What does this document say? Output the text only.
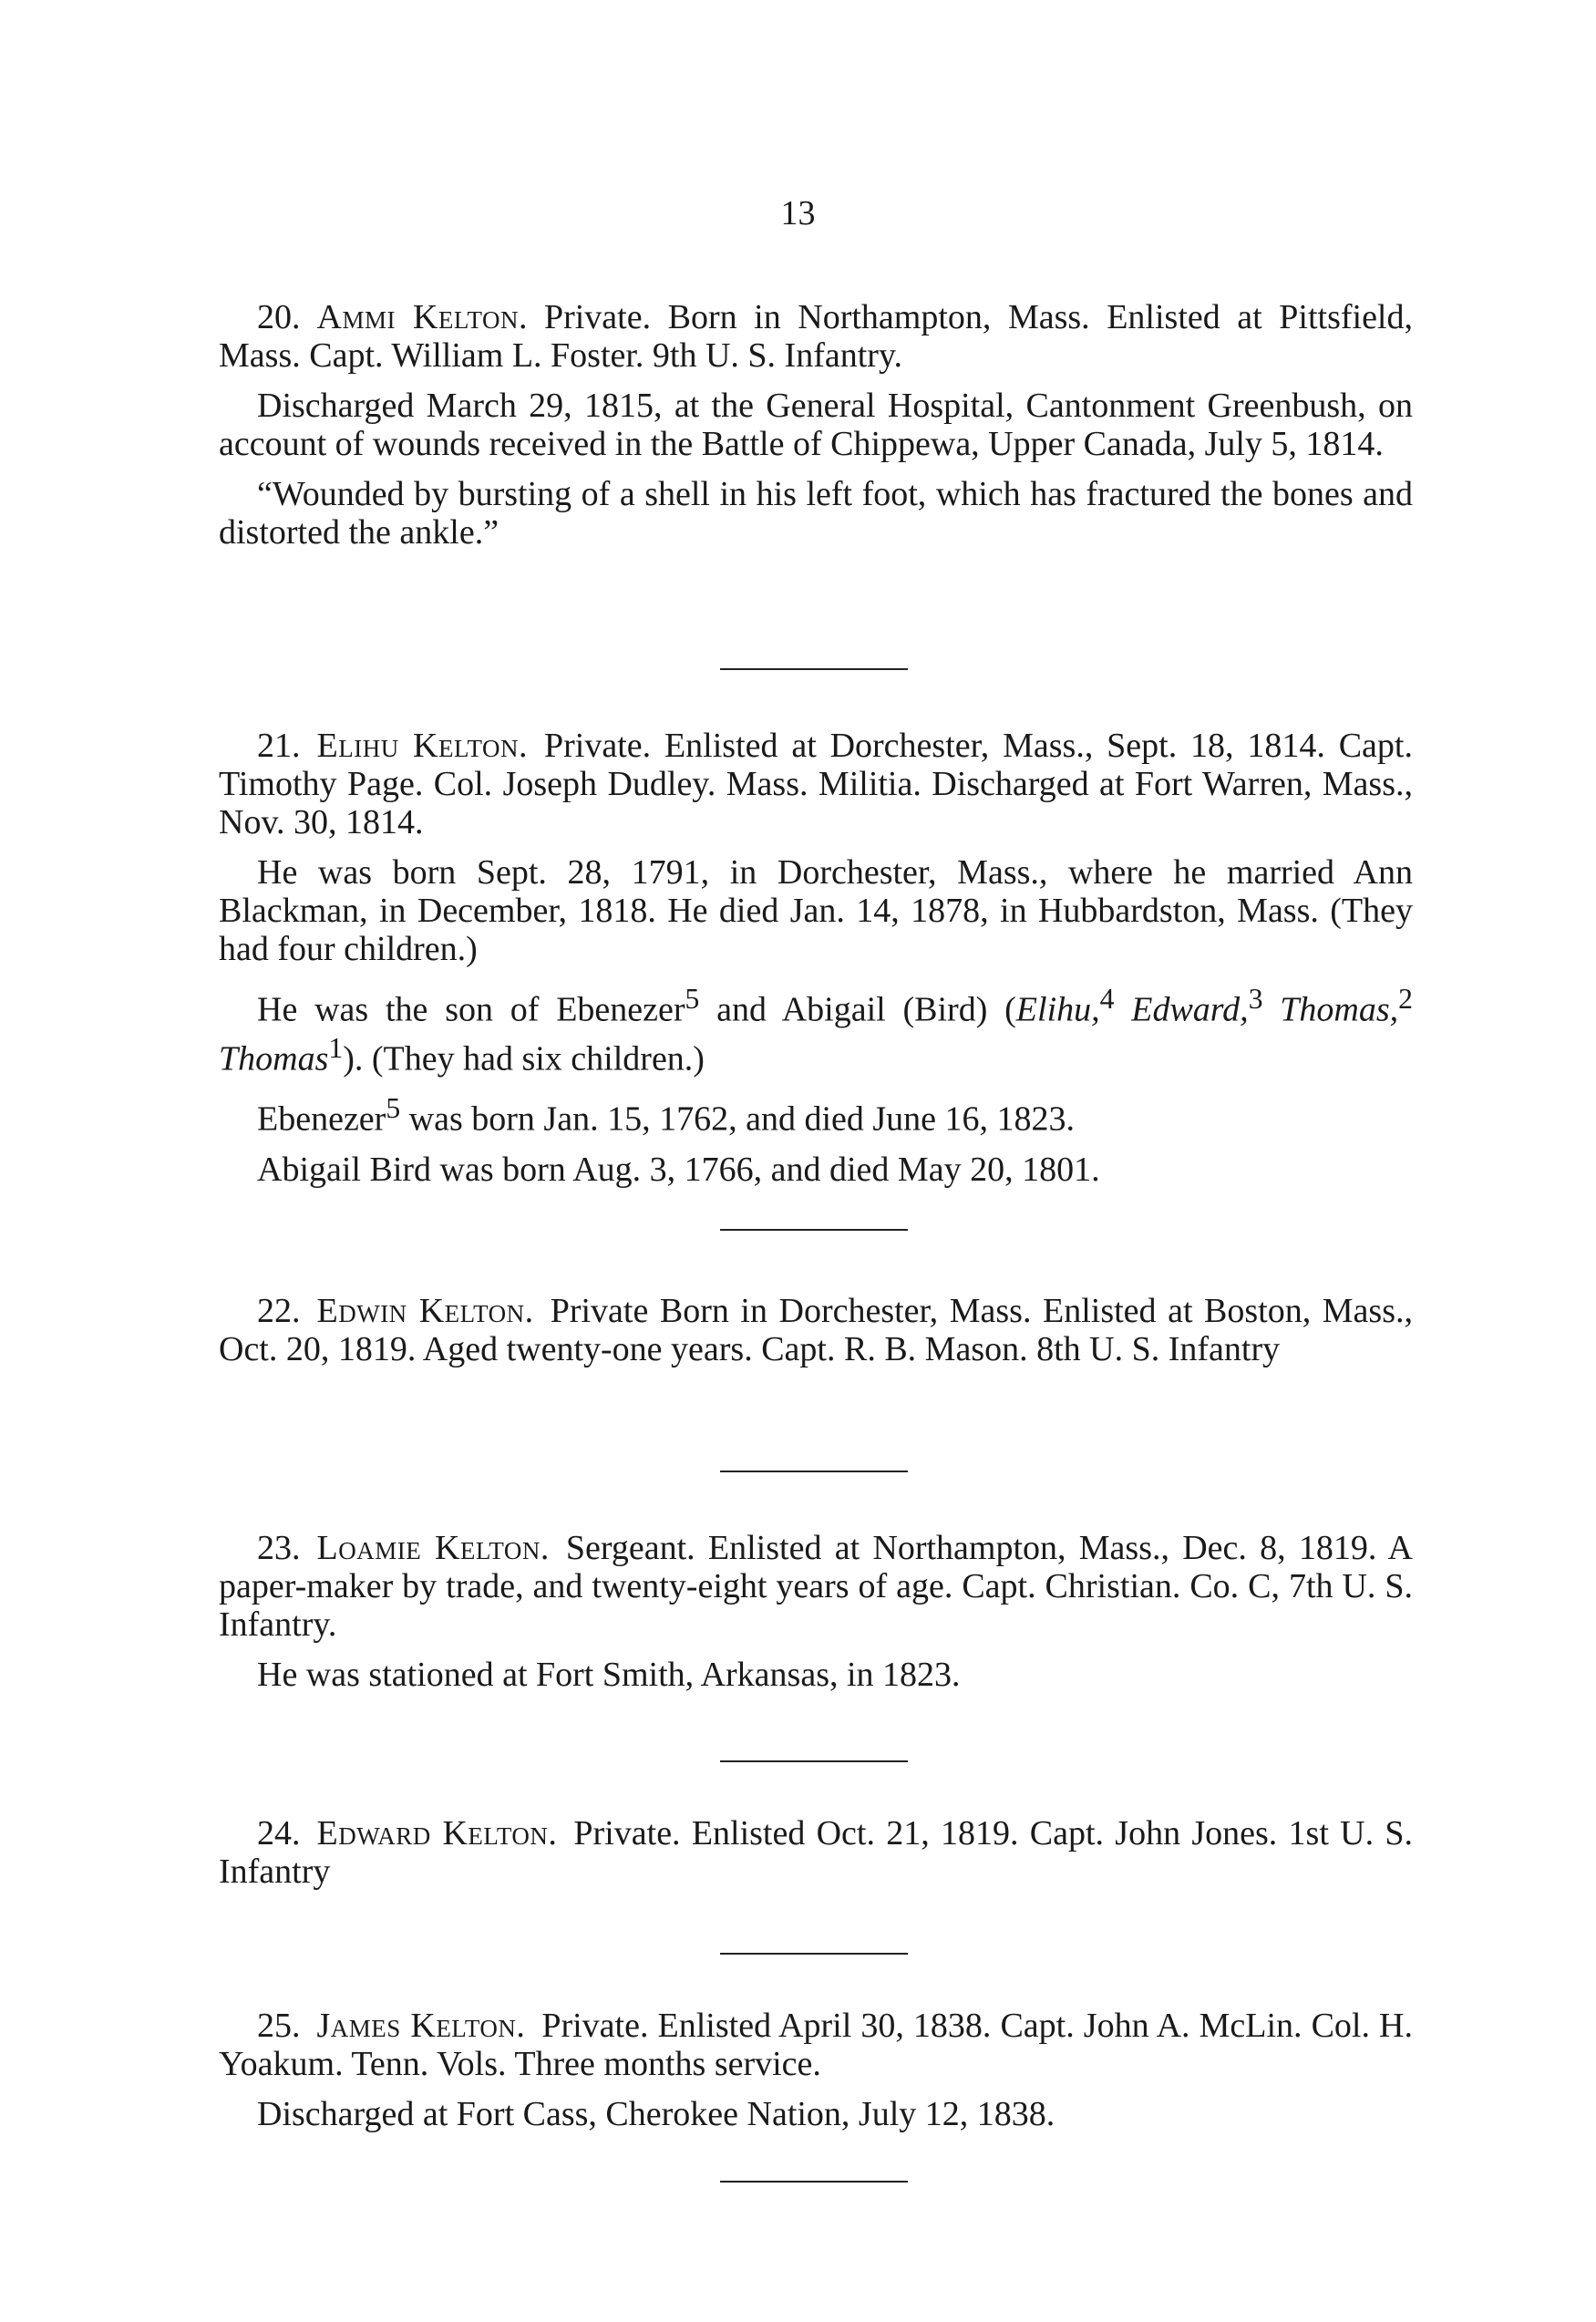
13

20. Ammi Kelton. Private. Born in Northampton, Mass. Enlisted at Pittsfield, Mass. Capt. William L. Foster. 9th U. S. Infantry.

Discharged March 29, 1815, at the General Hospital, Cantonment Greenbush, on account of wounds received in the Battle of Chippewa, Upper Canada, July 5, 1814.

“Wounded by bursting of a shell in his left foot, which has fractured the bones and distorted the ankle.”

21. Elihu Kelton. Private. Enlisted at Dorchester, Mass., Sept. 18, 1814. Capt. Timothy Page. Col. Joseph Dudley. Mass. Militia. Discharged at Fort Warren, Mass., Nov. 30, 1814.

He was born Sept. 28, 1791, in Dorchester, Mass., where he married Ann Blackman, in December, 1818. He died Jan. 14, 1878, in Hubbardston, Mass. (They had four children.)

He was the son of Ebenezer$^5$ and Abigail (Bird) (Elihu,$^4$ Edward,$^3$ Thomas,$^2$ Thomas$^1$). (They had six children.)

Ebenezer$^5$ was born Jan. 15, 1762, and died June 16, 1823.

Abigail Bird was born Aug. 3, 1766, and died May 20, 1801.

22. Edwin Kelton. Private Born in Dorchester, Mass. Enlisted at Boston, Mass., Oct. 20, 1819. Aged twenty-one years. Capt. R. B. Mason. 8th U. S. Infantry

23. Loamie Kelton. Sergeant. Enlisted at Northampton, Mass., Dec. 8, 1819. A paper-maker by trade, and twenty-eight years of age. Capt. Christian. Co. C, 7th U. S. Infantry.

He was stationed at Fort Smith, Arkansas, in 1823.

24. Edward Kelton. Private. Enlisted Oct. 21, 1819. Capt. John Jones. 1st U. S. Infantry

25. James Kelton. Private. Enlisted April 30, 1838. Capt. John A. McLin. Col. H. Yoakum. Tenn. Vols. Three months service.

Discharged at Fort Cass, Cherokee Nation, July 12, 1838.
